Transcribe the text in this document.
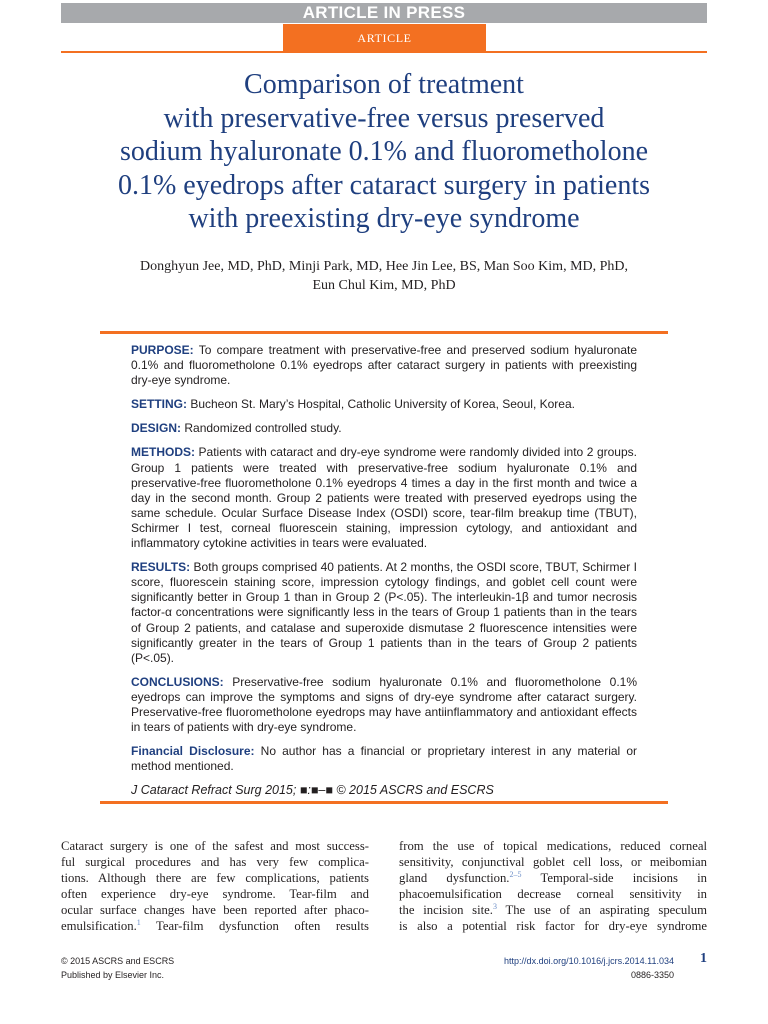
ARTICLE IN PRESS
ARTICLE
Comparison of treatment
with preservative-free versus preserved
sodium hyaluronate 0.1% and fluorometholone
0.1% eyedrops after cataract surgery in patients
with preexisting dry-eye syndrome
Donghyun Jee, MD, PhD, Minji Park, MD, Hee Jin Lee, BS, Man Soo Kim, MD, PhD,
Eun Chul Kim, MD, PhD

PURPOSE: To compare treatment with preservative-free and preserved sodium hyaluronate 0.1% and fluorometholone 0.1% eyedrops after cataract surgery in patients with preexisting dry-eye syndrome.

SETTING: Bucheon St. Mary’s Hospital, Catholic University of Korea, Seoul, Korea.

DESIGN: Randomized controlled study.

METHODS: Patients with cataract and dry-eye syndrome were randomly divided into 2 groups. Group 1 patients were treated with preservative-free sodium hyaluronate 0.1% and preservative-free fluorometholone 0.1% eyedrops 4 times a day in the first month and twice a day in the second month. Group 2 patients were treated with preserved eyedrops using the same schedule. Ocular Surface Disease Index (OSDI) score, tear-film breakup time (TBUT), Schirmer I test, corneal fluorescein staining, impression cytology, and antioxidant and inflammatory cytokine activities in tears were evaluated.

RESULTS: Both groups comprised 40 patients. At 2 months, the OSDI score, TBUT, Schirmer I score, fluorescein staining score, impression cytology findings, and goblet cell count were significantly better in Group 1 than in Group 2 (P<.05). The interleukin-1β and tumor necrosis factor-α concentrations were significantly less in the tears of Group 1 patients than in the tears of Group 2 patients, and catalase and superoxide dismutase 2 fluorescence intensities were significantly greater in the tears of Group 1 patients than in the tears of Group 2 patients (P<.05).

CONCLUSIONS: Preservative-free sodium hyaluronate 0.1% and fluorometholone 0.1% eyedrops can improve the symptoms and signs of dry-eye syndrome after cataract surgery. Preservative-free fluorometholone eyedrops may have antiinflammatory and antioxidant effects in tears of patients with dry-eye syndrome.

Financial Disclosure: No author has a financial or proprietary interest in any material or method mentioned.

J Cataract Refract Surg 2015; ■:■–■ © 2015 ASCRS and ESCRS

Cataract surgery is one of the safest and most success-
ful surgical procedures and has very few complica-
tions. Although there are few complications, patients
often experience dry-eye syndrome. Tear-film and
ocular surface changes have been reported after phaco-
emulsification.$^1$ Tear-film dysfunction often results
from the use of topical medications, reduced corneal
sensitivity, conjunctival goblet cell loss, or meibomian
gland dysfunction.$^{2-5}$ Temporal-side incisions in
phacoemulsification decrease corneal sensitivity in
the incision site.$^3$ The use of an aspirating speculum
is also a potential risk factor for dry-eye syndrome
© 2015 ASCRS and ESCRS
Published by Elsevier Inc.
http://dx.doi.org/10.1016/j.jcrs.2014.11.034
0886-3350
1
